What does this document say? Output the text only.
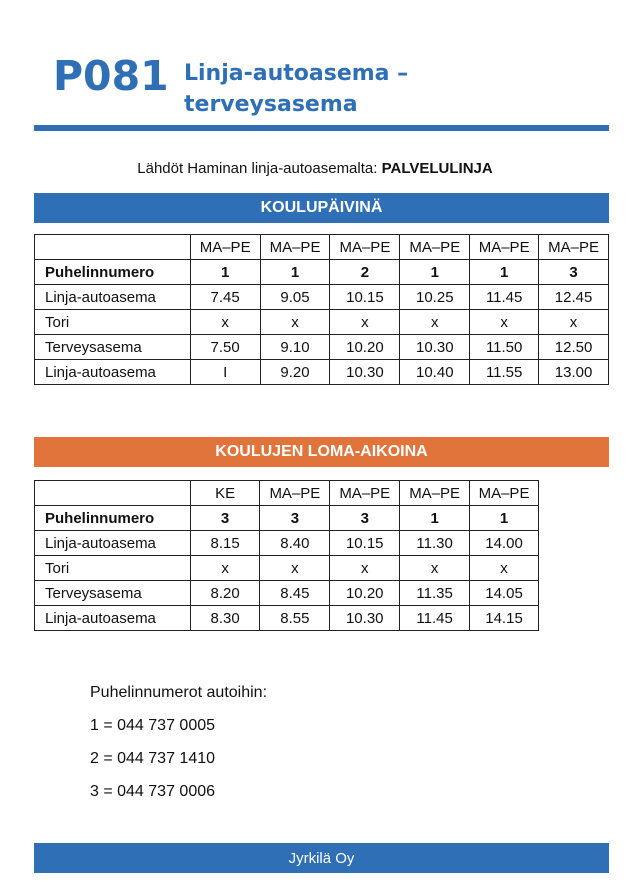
P081 Linja-autoasema –
terveysasema
Lähdöt Haminan linja-autoasemalta: PALVELULINJA
KOULUPÄIVINÄ
	MA–PE	MA–PE	MA–PE	MA–PE	MA–PE	MA–PE
Puhelinnumero	1	1	2	1	1	3
Linja-autoasema	7.45	9.05	10.15	10.25	11.45	12.45
Tori	x	x	x	x	x	x
Terveysasema	7.50	9.10	10.20	10.30	11.50	12.50
Linja-autoasema	I	9.20	10.30	10.40	11.55	13.00
KOULUJEN LOMA-AIKOINA
	KE	MA–PE	MA–PE	MA–PE	MA–PE
Puhelinnumero	3	3	3	1	1
Linja-autoasema	8.15	8.40	10.15	11.30	14.00
Tori	x	x	x	x	x
Terveysasema	8.20	8.45	10.20	11.35	14.05
Linja-autoasema	8.30	8.55	10.30	11.45	14.15
Puhelinnumerot autoihin:
1 = 044 737 0005
2 = 044 737 1410
3 = 044 737 0006
Jyrkilä Oy
